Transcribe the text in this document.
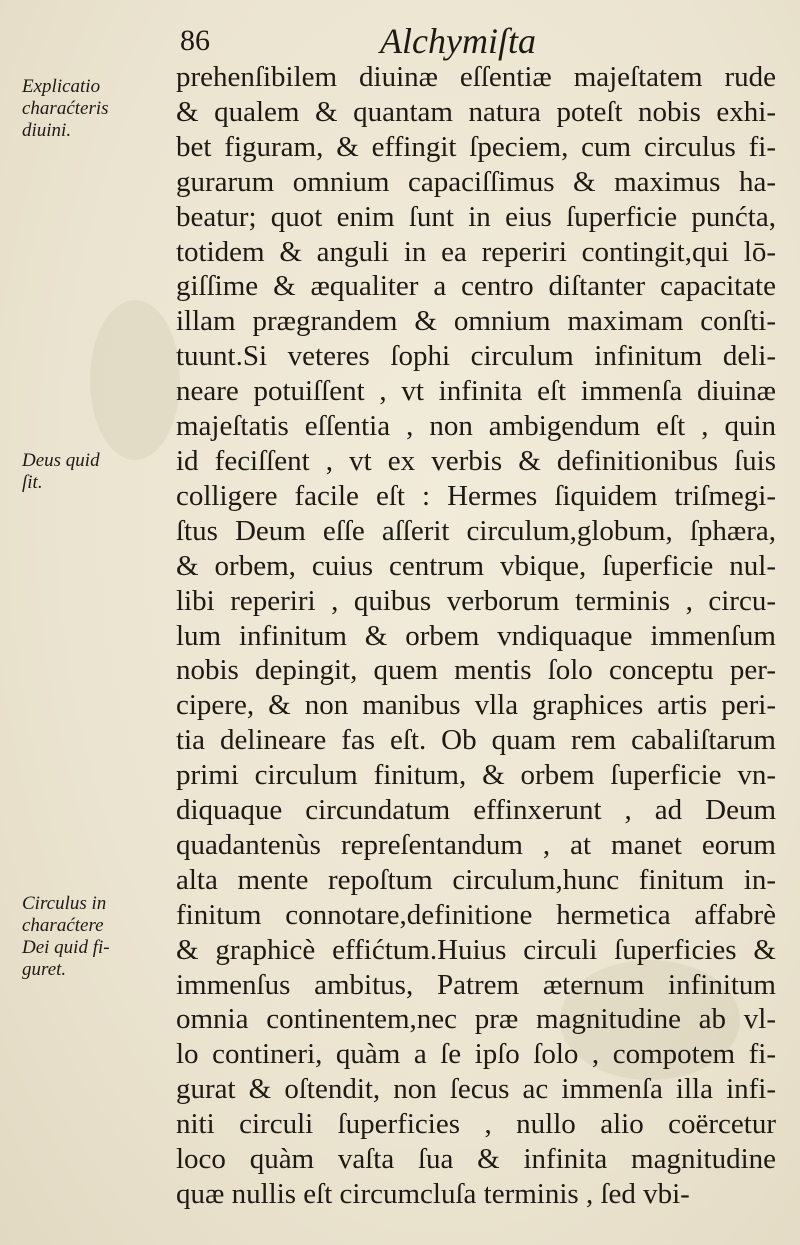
86	Alchymiſta
Explicatio
charaćteris
diuini.
Deus quid
ſit.
Circulus in
charaćtere
Dei quid fi-
guret.
prehenſibilem diuinæ eſſentiæ majeſtatem rude
& qualem & quantam natura poteſt nobis exhi-
bet figuram, & effingit ſpeciem, cum circulus fi-
gurarum omnium capaciſſimus & maximus ha-
beatur; quot enim ſunt in eius ſuperficie punćta,
totidem & anguli in ea reperiri contingit,qui lō-
giſſime & æqualiter a centro diſtanter capacitate
illam prægrandem & omnium maximam conſti-
tuunt.Si veteres ſophi circulum infinitum deli-
neare potuiſſent , vt infinita eſt immenſa diuinæ
majeſtatis eſſentia , non ambigendum eſt , quin
id feciſſent , vt ex verbis & definitionibus ſuis
colligere facile eſt : Hermes ſiquidem triſmegi-
ſtus Deum eſſe aſſerit circulum,globum, ſphæra,
& orbem, cuius centrum vbique, ſuperficie nul-
libi reperiri , quibus verborum terminis , circu-
lum infinitum & orbem vndiquaque immenſum
nobis depingit, quem mentis ſolo conceptu per-
cipere, & non manibus vlla graphices artis peri-
tia delineare fas eſt. Ob quam rem cabaliſtarum
primi circulum finitum, & orbem ſuperficie vn-
diquaque circundatum effinxerunt , ad Deum
quadantenùs repreſentandum , at manet eorum
alta mente repoſtum circulum,hunc finitum in-
finitum connotare,definitione hermetica affabrè
& graphicè effićtum.Huius circuli ſuperficies &
immenſus ambitus, Patrem æternum infinitum
omnia continentem,nec præ magnitudine ab vl-
lo contineri, quàm a ſe ipſo ſolo , compotem fi-
gurat & oſtendit, non ſecus ac immenſa illa infi-
niti circuli ſuperficies , nullo alio coërcetur
loco quàm vaſta ſua & infinita magnitudine
quæ nullis eſt circumcluſa terminis , ſed vbi-
